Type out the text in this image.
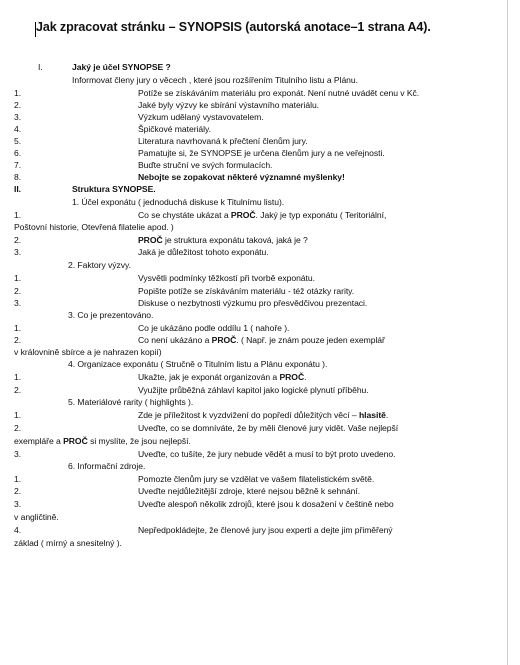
Jak zpracovat stránku – SYNOPSIS (autorská anotace–1 strana A4).
I.	Jaký je účel SYNOPSE ?
Informovat členy jury o věcech , které jsou rozšířením Titulního listu a Plánu.
1.	Potíže se získáváním materiálu pro exponát. Není nutné uvádět cenu v Kč.
2.	Jaké byly výzvy ke sbírání výstavního materiálu.
3.	Výzkum udělaný vystavovatelem.
4.	Špičkové materiály.
5.	Literatura navrhovaná k přečtení členům jury.
6.	Pamatujte si, že SYNOPSE je určena členům jury a ne veřejnosti.
7.	Buďte struční ve svých formulacích.
8.	Nebojte se zopakovat některé významné myšlenky!
II.	Struktura SYNOPSE.
1. Účel exponátu ( jednoduchá diskuse k Titulnímu listu).
1.	Co se chystáte ukázat a PROČ. Jaký je typ exponátu ( Teritoriální,
Poštovní historie, Otevřená filatelie apod. )
2.	PROČ je struktura exponátu taková, jaká je ?
3.	Jaká je důležitost tohoto exponátu.
2. Faktory výzvy.
1.	Vysvětli podmínky těžkostí při tvorbě exponátu.
2.	Popište potíže se získáváním materiálu - též otázky rarity.
3.	Diskuse o nezbytnosti výzkumu pro přesvědčivou prezentaci.
3. Co je prezentováno.
1.	Co je ukázáno podle oddílu 1 ( nahoře ).
2.	Co není ukázáno a PROČ. ( Např. je znám pouze jeden exemplář
v královnině sbírce a je nahrazen kopií)
4. Organizace exponátu ( Stručně o Titulním listu a Plánu exponátu ).
1.	Ukažte, jak je exponát organizován a PROČ.
2.	Využijte průběžná záhlaví kapitol jako logické plynutí příběhu.
5. Materiálové rarity ( highlights ).
1.	Zde je příležitost k vyzdvižení do popředí důležitých věcí – hlasitě.
2.	Uveďte, co se domníváte, že by měli členové jury vidět. Vaše nejlepší
exempláře a PROČ si myslíte, že jsou nejlepší.
3.	Uveďte, co tušíte, že jury nebude vědět a musí to být proto uvedeno.
6. Informační zdroje.
1.	Pomozte členům jury se vzdělat ve vašem filatelistickém světě.
2.	Uveďte nejdůležitější zdroje, které nejsou běžně k sehnání.
3.	Uveďte alespoň několik zdrojů, které jsou k dosažení v češtině nebo
v angličtině.
4.	Nepředpokládejte, že členové jury jsou experti a dejte jim přiměřený
základ ( mírný a snesitelný ).
